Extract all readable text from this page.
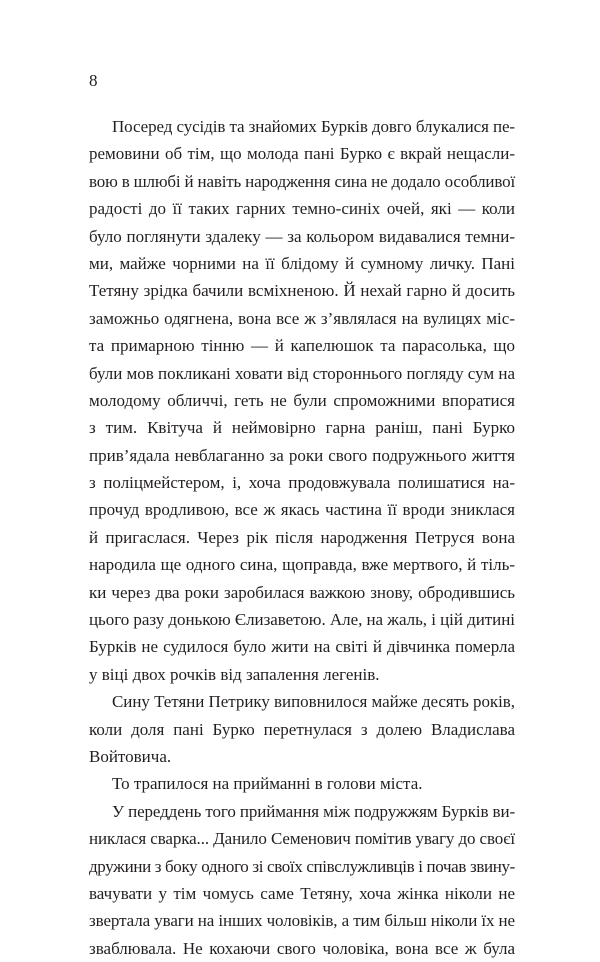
8
Посеред сусідів та знайомих Бурків довго блукалися пе-
ремовини об тім, що молода пані Бурко є вкрай нещасли-
вою в шлюбі й навіть народження сина не додало особливої
радості до її таких гарних темно-синіх очей, які — коли
було поглянути здалеку — за кольором видавалися темни-
ми, майже чорними на її блідому й сумному личку. Пані
Тетяну зрідка бачили всміхненою. Й нехай гарно й досить
заможньо одягнена, вона все ж з’являлася на вулицях міс-
та примарною тінню — й капелюшок та парасолька, що
були мов покликані ховати від стороннього погляду сум на
молодому обличчі, геть не були спроможними впоратися
з тим. Квітуча й неймовірно гарна раніш, пані Бурко
прив’ядала невблаганно за роки свого подружнього життя
з поліцмейстером, і, хоча продовжувала полишатися на-
прочуд вродливою, все ж якась частина її вроди зниклася
й пригаслася. Через рік після народження Петруся вона
народила ще одного сина, щоправда, вже мертвого, й тіль-
ки через два роки заробилася важкою знову, обродившись
цього разу донькою Єлизаветою. Але, на жаль, і цій дитині
Бурків не судилося було жити на світі й дівчинка померла
у віці двох рочків від запалення легенів.
Сину Тетяни Петрику виповнилося майже десять років,
коли доля пані Бурко перетнулася з долею Владислава
Войтовича.
То трапилося на прийманні в голови міста.
У переддень того приймання між подружжям Бурків ви-
никлася сварка... Данило Семенович помітив увагу до своєї
дружини з боку одного зі своїх співслужливців і почав звину-
вачувати у тім чомусь саме Тетяну, хоча жінка ніколи не
звертала уваги на інших чоловіків, а тим більш ніколи їх не
зваблювала. Не кохаючи свого чоловіка, вона все ж була
